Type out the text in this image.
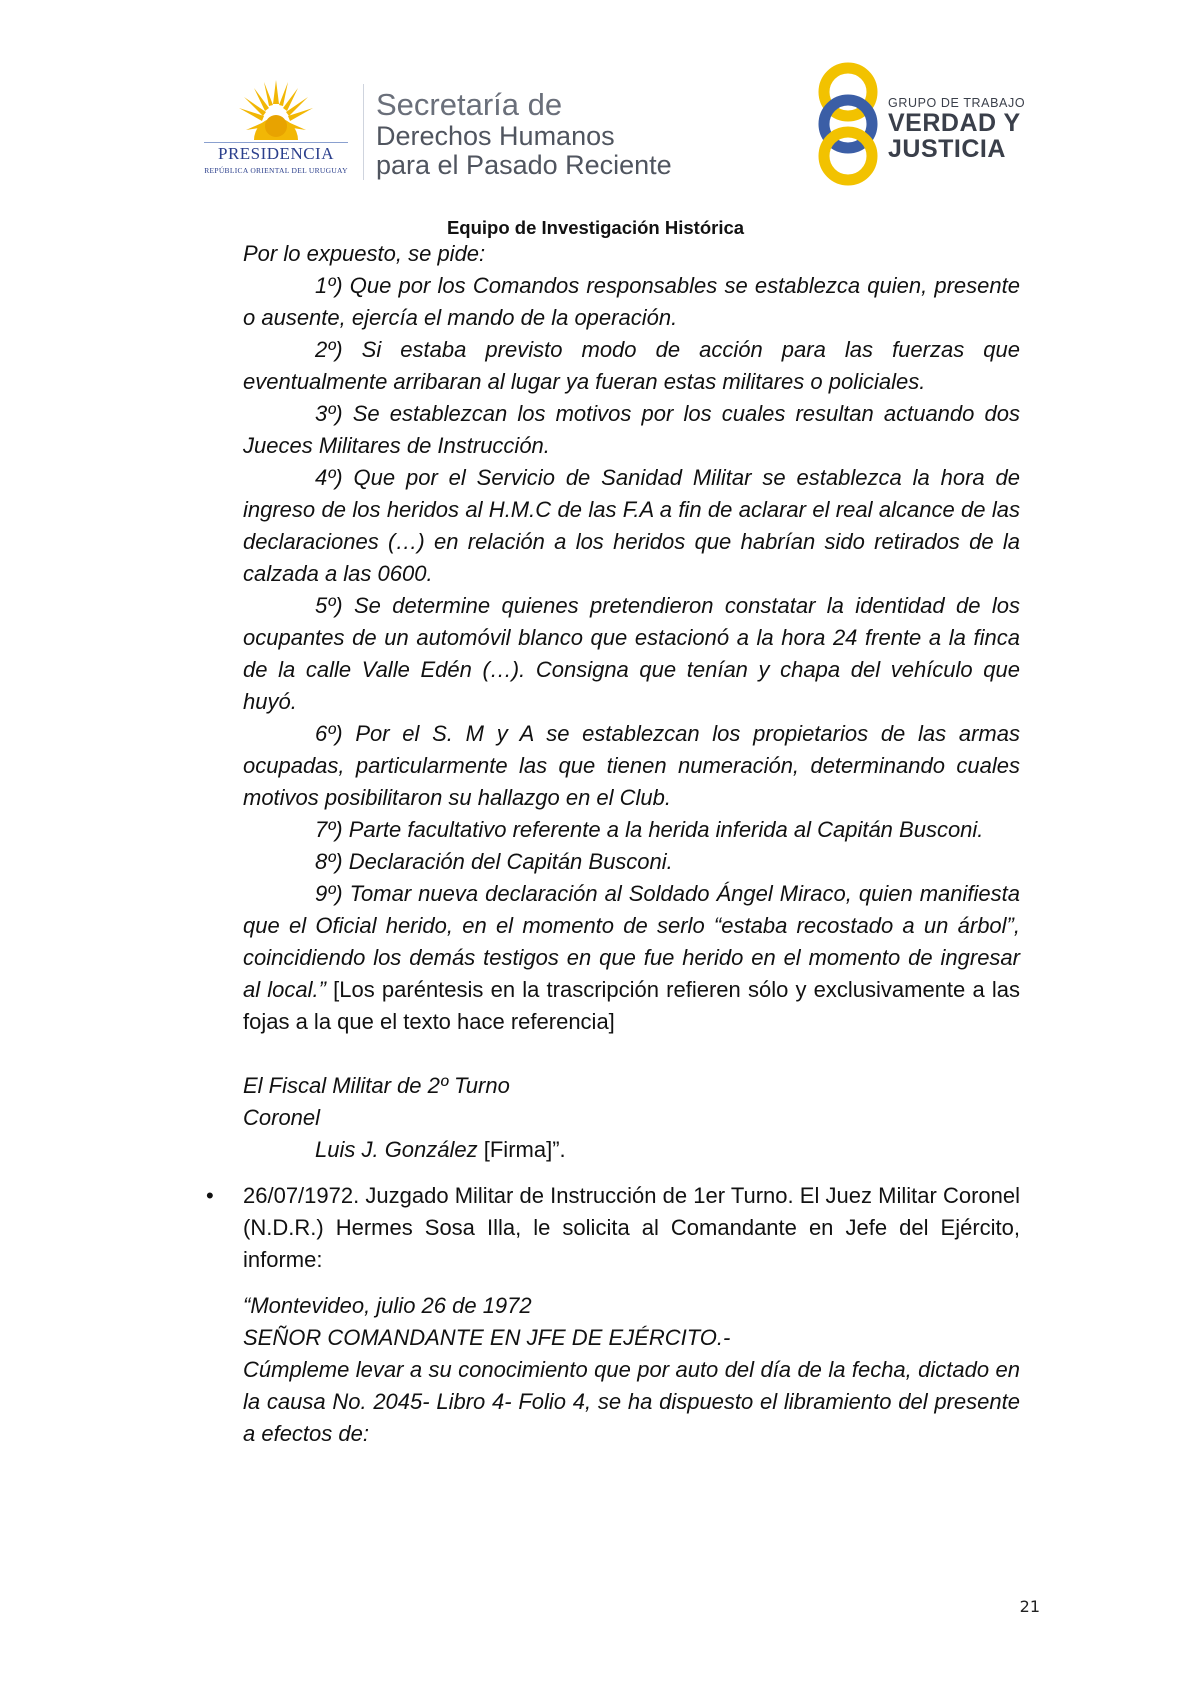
PRESIDENCIA
REPÚBLICA ORIENTAL DEL URUGUAY
Secretaría de
Derechos Humanos
para el Pasado Reciente
GRUPO DE TRABAJO
VERDAD Y
JUSTICIA
Equipo de Investigación Histórica

Por lo expuesto, se pide:

1º) Que por los Comandos responsables se establezca quien, presente o ausente, ejercía el mando de la operación.

2º) Si estaba previsto modo de acción para las fuerzas que eventualmente arribaran al lugar ya fueran estas militares o policiales.

3º) Se establezcan los motivos por los cuales resultan actuando dos Jueces Militares de Instrucción.

4º) Que por el Servicio de Sanidad Militar se establezca la hora de ingreso de los heridos al H.M.C de las F.A a fin de aclarar el real alcance de las declaraciones (…) en relación a los heridos que habrían sido retirados de la calzada a las 0600.

5º) Se determine quienes pretendieron constatar la identidad de los ocupantes de un automóvil blanco que estacionó a la hora 24 frente a la finca de la calle Valle Edén (…). Consigna que tenían y chapa del vehículo que huyó.

6º) Por el S. M y A se establezcan los propietarios de las armas ocupadas, particularmente las que tienen numeración, determinando cuales motivos posibilitaron su hallazgo en el Club.

7º) Parte facultativo referente a la herida inferida al Capitán Busconi.

8º) Declaración del Capitán Busconi.

9º) Tomar nueva declaración al Soldado Ángel Miraco, quien manifiesta que el Oficial herido, en el momento de serlo “estaba recostado a un árbol”, coincidiendo los demás testigos en que fue herido en el momento de ingresar al local.” [Los paréntesis en la trascripción refieren sólo y exclusivamente a las fojas a la que el texto hace referencia]

El Fiscal Militar de 2º Turno

Coronel

Luis J. González [Firma]”.

• 26/07/1972. Juzgado Militar de Instrucción de 1er Turno. El Juez Militar Coronel (N.D.R.) Hermes Sosa Illa, le solicita al Comandante en Jefe del Ejército, informe:

“Montevideo, julio 26 de 1972

SEÑOR COMANDANTE EN JFE DE EJÉRCITO.-

Cúmpleme levar a su conocimiento que por auto del día de la fecha, dictado en la causa No. 2045- Libro 4- Folio 4, se ha dispuesto el libramiento del presente a efectos de:

21
